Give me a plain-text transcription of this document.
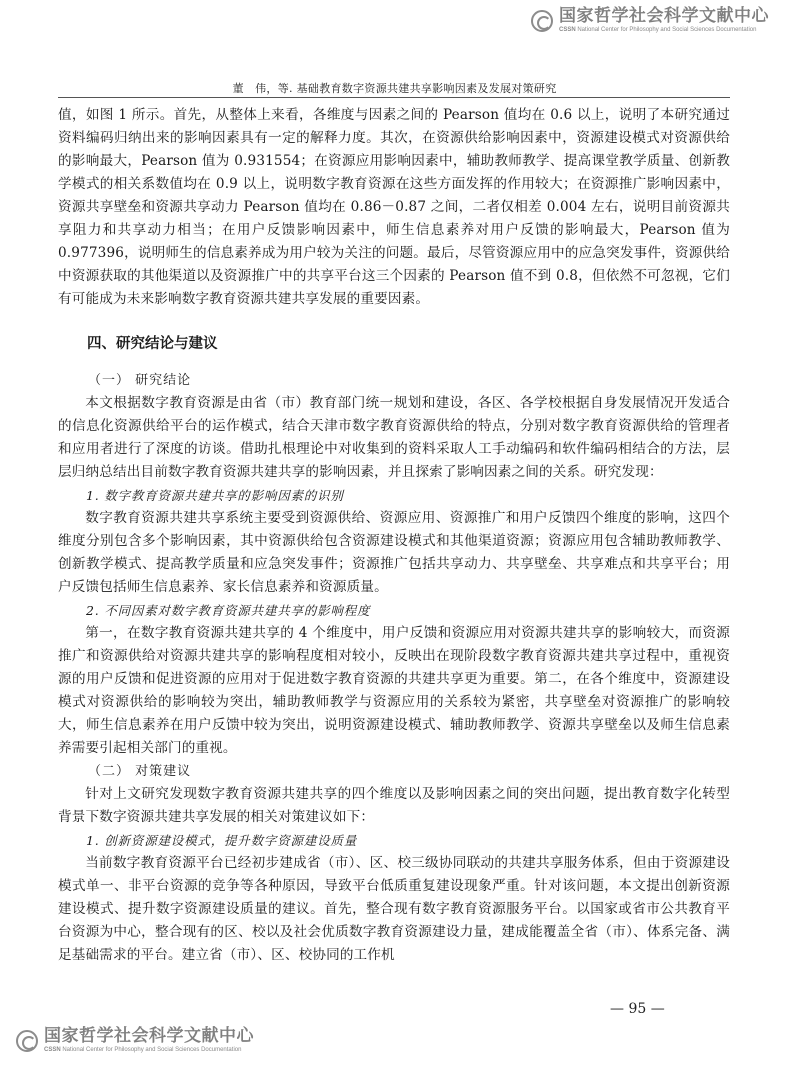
国家哲学社会科学文献中心
CSSN National Center for Philosophy and Social Sciences Documentation
董　伟，等. 基础教育数字资源共建共享影响因素及发展对策研究

值，如图 1 所示。首先，从整体上来看，各维度与因素之间的 Pearson 值均在 0.6 以上，说明了本研究通过资料编码归纳出来的影响因素具有一定的解释力度。其次，在资源供给影响因素中，资源建设模式对资源供给的影响最大，Pearson 值为 0.931554；在资源应用影响因素中，辅助教师教学、提高课堂教学质量、创新教学模式的相关系数值均在 0.9 以上，说明数字教育资源在这些方面发挥的作用较大；在资源推广影响因素中，资源共享壁垒和资源共享动力 Pearson 值均在 0.86－0.87 之间，二者仅相差 0.004 左右，说明目前资源共享阻力和共享动力相当；在用户反馈影响因素中，师生信息素养对用户反馈的影响最大，Pearson 值为 0.977396，说明师生的信息素养成为用户较为关注的问题。最后，尽管资源应用中的应急突发事件，资源供给中资源获取的其他渠道以及资源推广中的共享平台这三个因素的 Pearson 值不到 0.8，但依然不可忽视，它们有可能成为未来影响数字教育资源共建共享发展的重要因素。

四、研究结论与建议
（一） 研究结论

本文根据数字教育资源是由省（市）教育部门统一规划和建设，各区、各学校根据自身发展情况开发适合的信息化资源供给平台的运作模式，结合天津市数字教育资源供给的特点，分别对数字教育资源供给的管理者和应用者进行了深度的访谈。借助扎根理论中对收集到的资料采取人工手动编码和软件编码相结合的方法，层层归纳总结出目前数字教育资源共建共享的影响因素，并且探索了影响因素之间的关系。研究发现：

1. 数字教育资源共建共享的影响因素的识别

数字教育资源共建共享系统主要受到资源供给、资源应用、资源推广和用户反馈四个维度的影响，这四个维度分别包含多个影响因素，其中资源供给包含资源建设模式和其他渠道资源；资源应用包含辅助教师教学、创新教学模式、提高教学质量和应急突发事件；资源推广包括共享动力、共享壁垒、共享难点和共享平台；用户反馈包括师生信息素养、家长信息素养和资源质量。

2. 不同因素对数字教育资源共建共享的影响程度

第一，在数字教育资源共建共享的 4 个维度中，用户反馈和资源应用对资源共建共享的影响较大，而资源推广和资源供给对资源共建共享的影响程度相对较小，反映出在现阶段数字教育资源共建共享过程中，重视资源的用户反馈和促进资源的应用对于促进数字教育资源的共建共享更为重要。第二，在各个维度中，资源建设模式对资源供给的影响较为突出，辅助教师教学与资源应用的关系较为紧密，共享壁垒对资源推广的影响较大，师生信息素养在用户反馈中较为突出，说明资源建设模式、辅助教师教学、资源共享壁垒以及师生信息素养需要引起相关部门的重视。

（二） 对策建议

针对上文研究发现数字教育资源共建共享的四个维度以及影响因素之间的突出问题，提出教育数字化转型背景下数字资源共建共享发展的相关对策建议如下：

1. 创新资源建设模式，提升数字资源建设质量

当前数字教育资源平台已经初步建成省（市）、区、校三级协同联动的共建共享服务体系，但由于资源建设模式单一、非平台资源的竞争等各种原因，导致平台低质重复建设现象严重。针对该问题，本文提出创新资源建设模式、提升数字资源建设质量的建议。首先，整合现有数字教育资源服务平台。以国家或省市公共教育平台资源为中心，整合现有的区、校以及社会优质数字教育资源建设力量，建成能覆盖全省（市）、体系完备、满足基础需求的平台。建立省（市）、区、校协同的工作机

— 95 —
国家哲学社会科学文献中心
CSSN National Center for Philosophy and Social Sciences Documentation
